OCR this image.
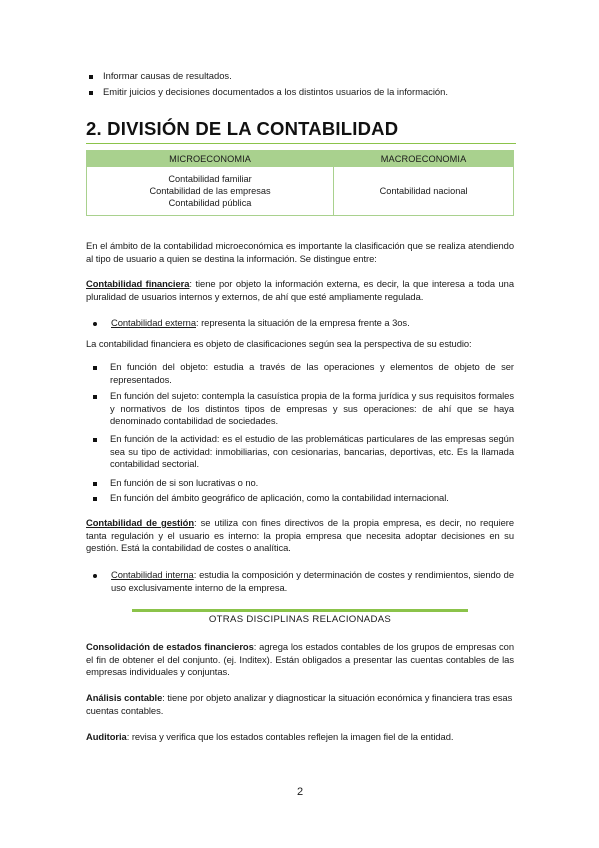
Informar causas de resultados.
Emitir juicios y decisiones documentados a los distintos usuarios de la información.
2. DIVISIÓN DE LA CONTABILIDAD
MICROECONOMIA	MACROECONOMIA

Contabilidad familiar
Contabilidad de las empresas
Contabilidad pública	Contabilidad nacional
En el ámbito de la contabilidad microeconómica es importante la clasificación que se realiza atendiendo al tipo de usuario a quien se destina la información. Se distingue entre:
Contabilidad financiera: tiene por objeto la información externa, es decir, la que interesa a toda una pluralidad de usuarios internos y externos, de ahí que esté ampliamente regulada.
Contabilidad externa: representa la situación de la empresa frente a 3os.
La contabilidad financiera es objeto de clasificaciones según sea la perspectiva de su estudio:
En función del objeto: estudia a través de las operaciones y elementos de objeto de ser representados.
En función del sujeto: contempla la casuística propia de la forma jurídica y sus requisitos formales y normativos de los distintos tipos de empresas y sus operaciones: de ahí que se haya denominado contabilidad de sociedades.
En función de la actividad: es el estudio de las problemáticas particulares de las empresas según sea su tipo de actividad: inmobiliarias, con cesionarias, bancarias, deportivas, etc. Es la llamada contabilidad sectorial.
En función de si son lucrativas o no.
En función del ámbito geográfico de aplicación, como la contabilidad internacional.
Contabilidad de gestión: se utiliza con fines directivos de la propia empresa, es decir, no requiere tanta regulación y el usuario es interno: la propia empresa que necesita adoptar decisiones en su gestión. Está la contabilidad de costes o analítica.
Contabilidad interna: estudia la composición y determinación de costes y rendimientos, siendo de uso exclusivamente interno de la empresa.
OTRAS DISCIPLINAS RELACIONADAS
Consolidación de estados financieros: agrega los estados contables de los grupos de empresas con el fin de obtener el del conjunto. (ej. Inditex). Están obligados a presentar las cuentas contables de las empresas individuales y conjuntas.
Análisis contable: tiene por objeto analizar y diagnosticar la situación económica y financiera tras esas cuentas contables.
Auditoria: revisa y verifica que los estados contables reflejen la imagen fiel de la entidad.
2
